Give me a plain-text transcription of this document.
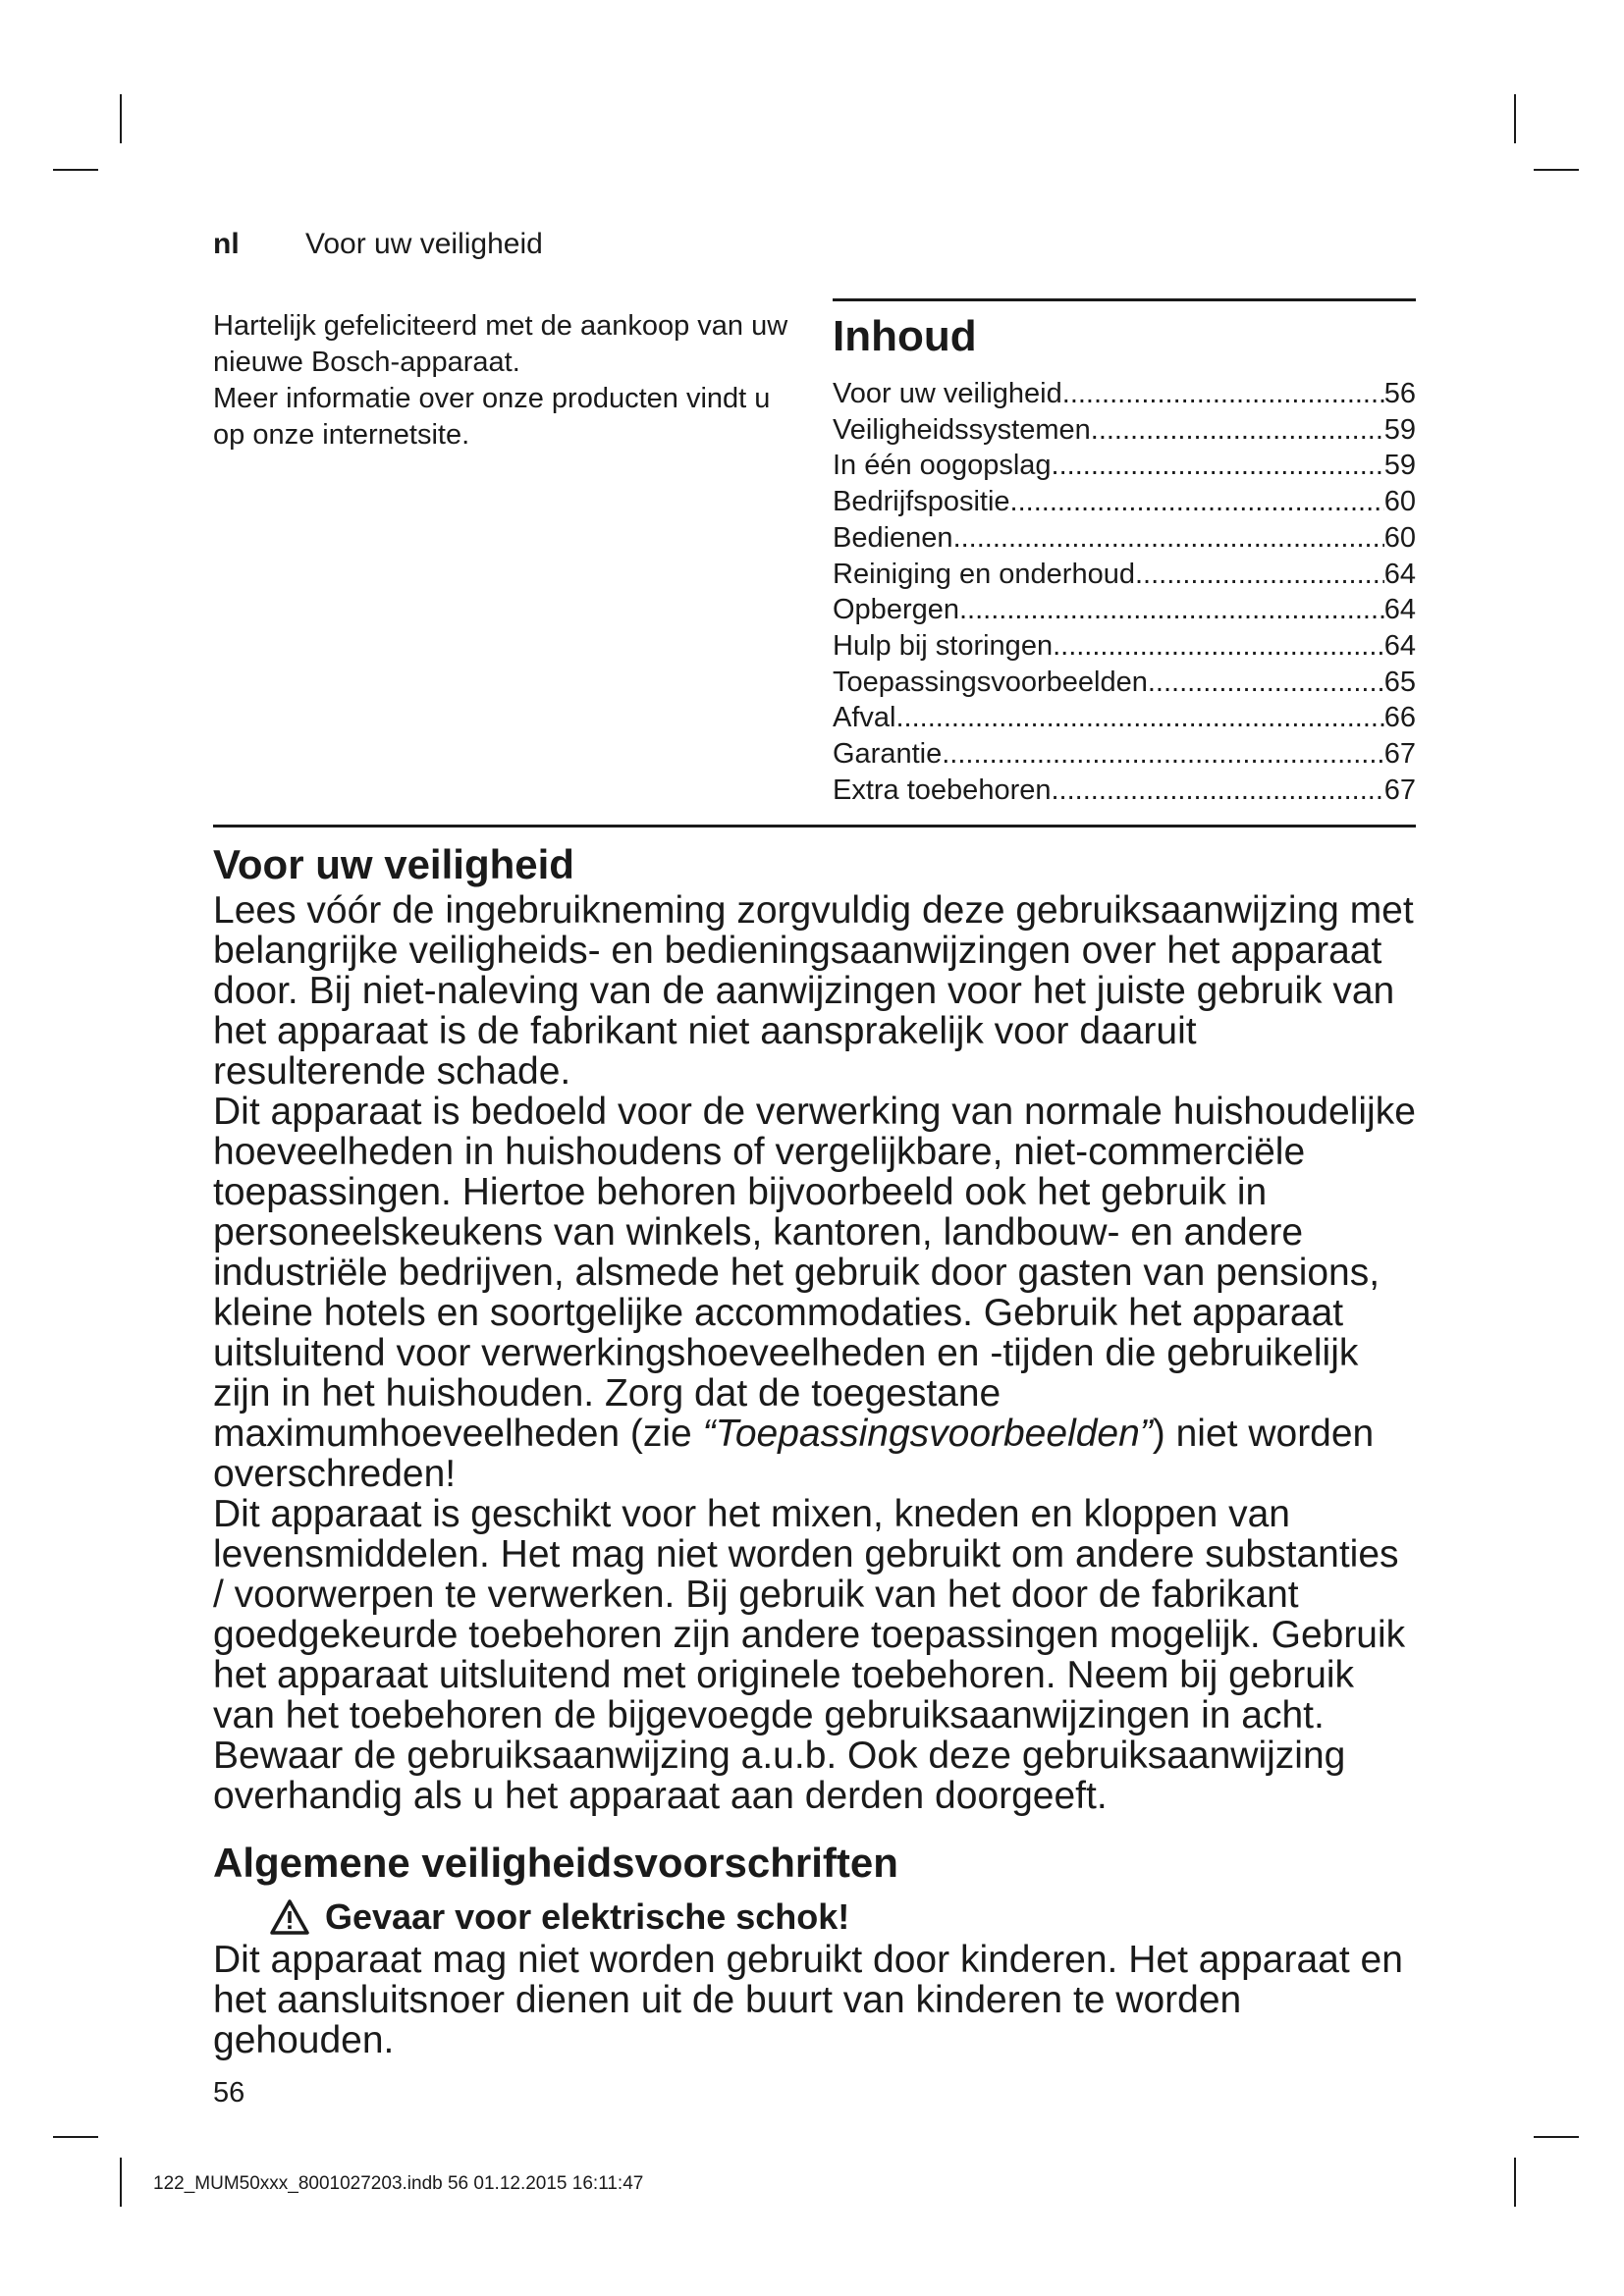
nl Voor uw veiligheid

Hartelijk gefeliciteerd met de aankoop van uw nieuwe Bosch-apparaat.

Meer informatie over onze producten vindt u op onze internetsite.

Inhoud
Voor uw veiligheid .....	56
Veiligheidssystemen .....	59
In één oogopslag .....	59
Bedrijfspositie .....	60
Bedienen .....	60
Reiniging en onderhoud .....	64
Opbergen .....	64
Hulp bij storingen .....	64
Toepassingsvoorbeelden .....	65
Afval .....	66
Garantie .....	67
Extra toebehoren .....	67
Voor uw veiligheid

Lees vóór de ingebruikneming zorgvuldig deze gebruiksaanwijzing met belangrijke veiligheids- en bedieningsaanwijzingen over het apparaat door. Bij niet-naleving van de aanwijzingen voor het juiste gebruik van het apparaat is de fabrikant niet aansprakelijk voor daaruit resulterende schade.

Dit apparaat is bedoeld voor de verwerking van normale huishoudelijke hoeveelheden in huishoudens of vergelijkbare, niet-commerciële toepassingen. Hiertoe behoren bijvoorbeeld ook het gebruik in personeelskeukens van winkels, kantoren, landbouw- en andere industriële bedrijven, alsmede het gebruik door gasten van pensions, kleine hotels en soortgelijke accommodaties. Gebruik het apparaat uitsluitend voor verwerkingshoeveelheden en -tijden die gebruikelijk zijn in het huishouden. Zorg dat de toegestane maximumhoeveelheden (zie “Toepassingsvoorbeelden”) niet worden overschreden!

Dit apparaat is geschikt voor het mixen, kneden en kloppen van levensmiddelen. Het mag niet worden gebruikt om andere substanties / voorwerpen te verwerken. Bij gebruik van het door de fabrikant goedgekeurde toebehoren zijn andere toepassingen mogelijk. Gebruik het apparaat uitsluitend met originele toebehoren. Neem bij gebruik van het toebehoren de bijgevoegde gebruiksaanwijzingen in acht. Bewaar de gebruiksaanwijzing a.u.b. Ook deze gebruiksaanwijzing overhandig als u het apparaat aan derden doorgeeft.

Algemene veiligheidsvoorschriften
Gevaar voor elektrische schok!

Dit apparaat mag niet worden gebruikt door kinderen. Het apparaat en het aansluitsnoer dienen uit de buurt van kinderen te worden gehouden.

56
122_MUM50xxx_8001027203.indb 56 01.12.2015 16:11:47
